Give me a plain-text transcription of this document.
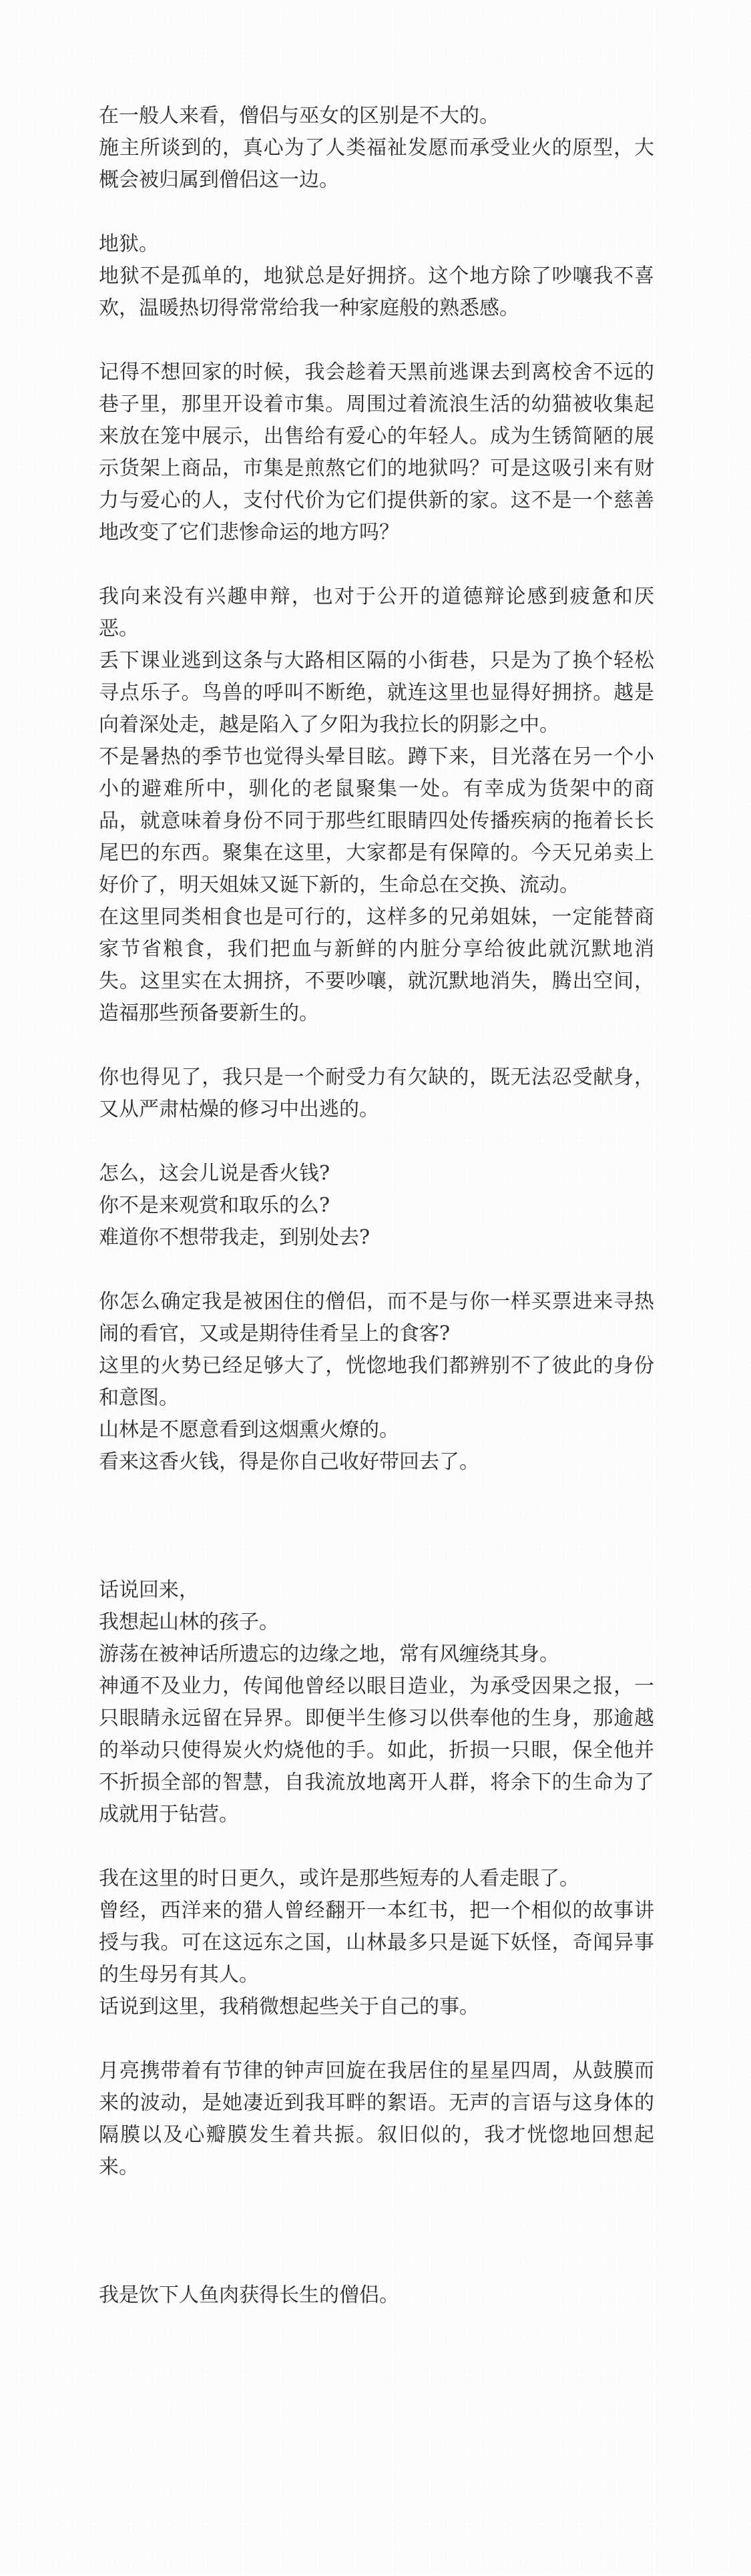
在一般人来看，僧侣与巫女的区别是不大的。

施主所谈到的，真心为了人类福祉发愿而承受业火的原型，大概会被归属到僧侣这一边。

地狱。

地狱不是孤单的，地狱总是好拥挤。这个地方除了吵嚷我不喜欢，温暖热切得常常给我一种家庭般的熟悉感。

记得不想回家的时候，我会趁着天黑前逃课去到离校舍不远的巷子里，那里开设着市集。周围过着流浪生活的幼猫被收集起来放在笼中展示，出售给有爱心的年轻人。成为生锈简陋的展示货架上商品，市集是煎熬它们的地狱吗？可是这吸引来有财力与爱心的人，支付代价为它们提供新的家。这不是一个慈善地改变了它们悲惨命运的地方吗？

我向来没有兴趣申辩，也对于公开的道德辩论感到疲惫和厌恶。

丢下课业逃到这条与大路相区隔的小街巷，只是为了换个轻松寻点乐子。鸟兽的呼叫不断绝，就连这里也显得好拥挤。越是向着深处走，越是陷入了夕阳为我拉长的阴影之中。

不是暑热的季节也觉得头晕目眩。蹲下来，目光落在另一个小小的避难所中，驯化的老鼠聚集一处。有幸成为货架中的商品，就意味着身份不同于那些红眼睛四处传播疾病的拖着长长尾巴的东西。聚集在这里，大家都是有保障的。今天兄弟卖上好价了，明天姐妹又诞下新的，生命总在交换、流动。

在这里同类相食也是可行的，这样多的兄弟姐妹，一定能替商家节省粮食，我们把血与新鲜的内脏分享给彼此就沉默地消失。这里实在太拥挤，不要吵嚷，就沉默地消失，腾出空间，造福那些预备要新生的。

你也得见了，我只是一个耐受力有欠缺的，既无法忍受献身，又从严肃枯燥的修习中出逃的。

怎么，这会儿说是香火钱?

你不是来观赏和取乐的么?

难道你不想带我走，到别处去?

你怎么确定我是被困住的僧侣，而不是与你一样买票进来寻热闹的看官，又或是期待佳肴呈上的食客?

这里的火势已经足够大了，恍惚地我们都辨别不了彼此的身份和意图。

山林是不愿意看到这烟熏火燎的。

看来这香火钱，得是你自己收好带回去了。

话说回来，

我想起山林的孩子。

游荡在被神话所遗忘的边缘之地，常有风缠绕其身。

神通不及业力，传闻他曾经以眼目造业，为承受因果之报，一只眼睛永远留在异界。即便半生修习以供奉他的生身，那逾越的举动只使得炭火灼烧他的手。如此，折损一只眼，保全他并不折损全部的智慧，自我流放地离开人群，将余下的生命为了成就用于钻营。

我在这里的时日更久，或许是那些短寿的人看走眼了。

曾经，西洋来的猎人曾经翻开一本红书，把一个相似的故事讲授与我。可在这远东之国，山林最多只是诞下妖怪，奇闻异事的生母另有其人。

话说到这里，我稍微想起些关于自己的事。

月亮携带着有节律的钟声回旋在我居住的星星四周，从鼓膜而来的波动，是她凄近到我耳畔的絮语。无声的言语与这身体的隔膜以及心瓣膜发生着共振。叙旧似的，我才恍惚地回想起来。

我是饮下人鱼肉获得长生的僧侣。
